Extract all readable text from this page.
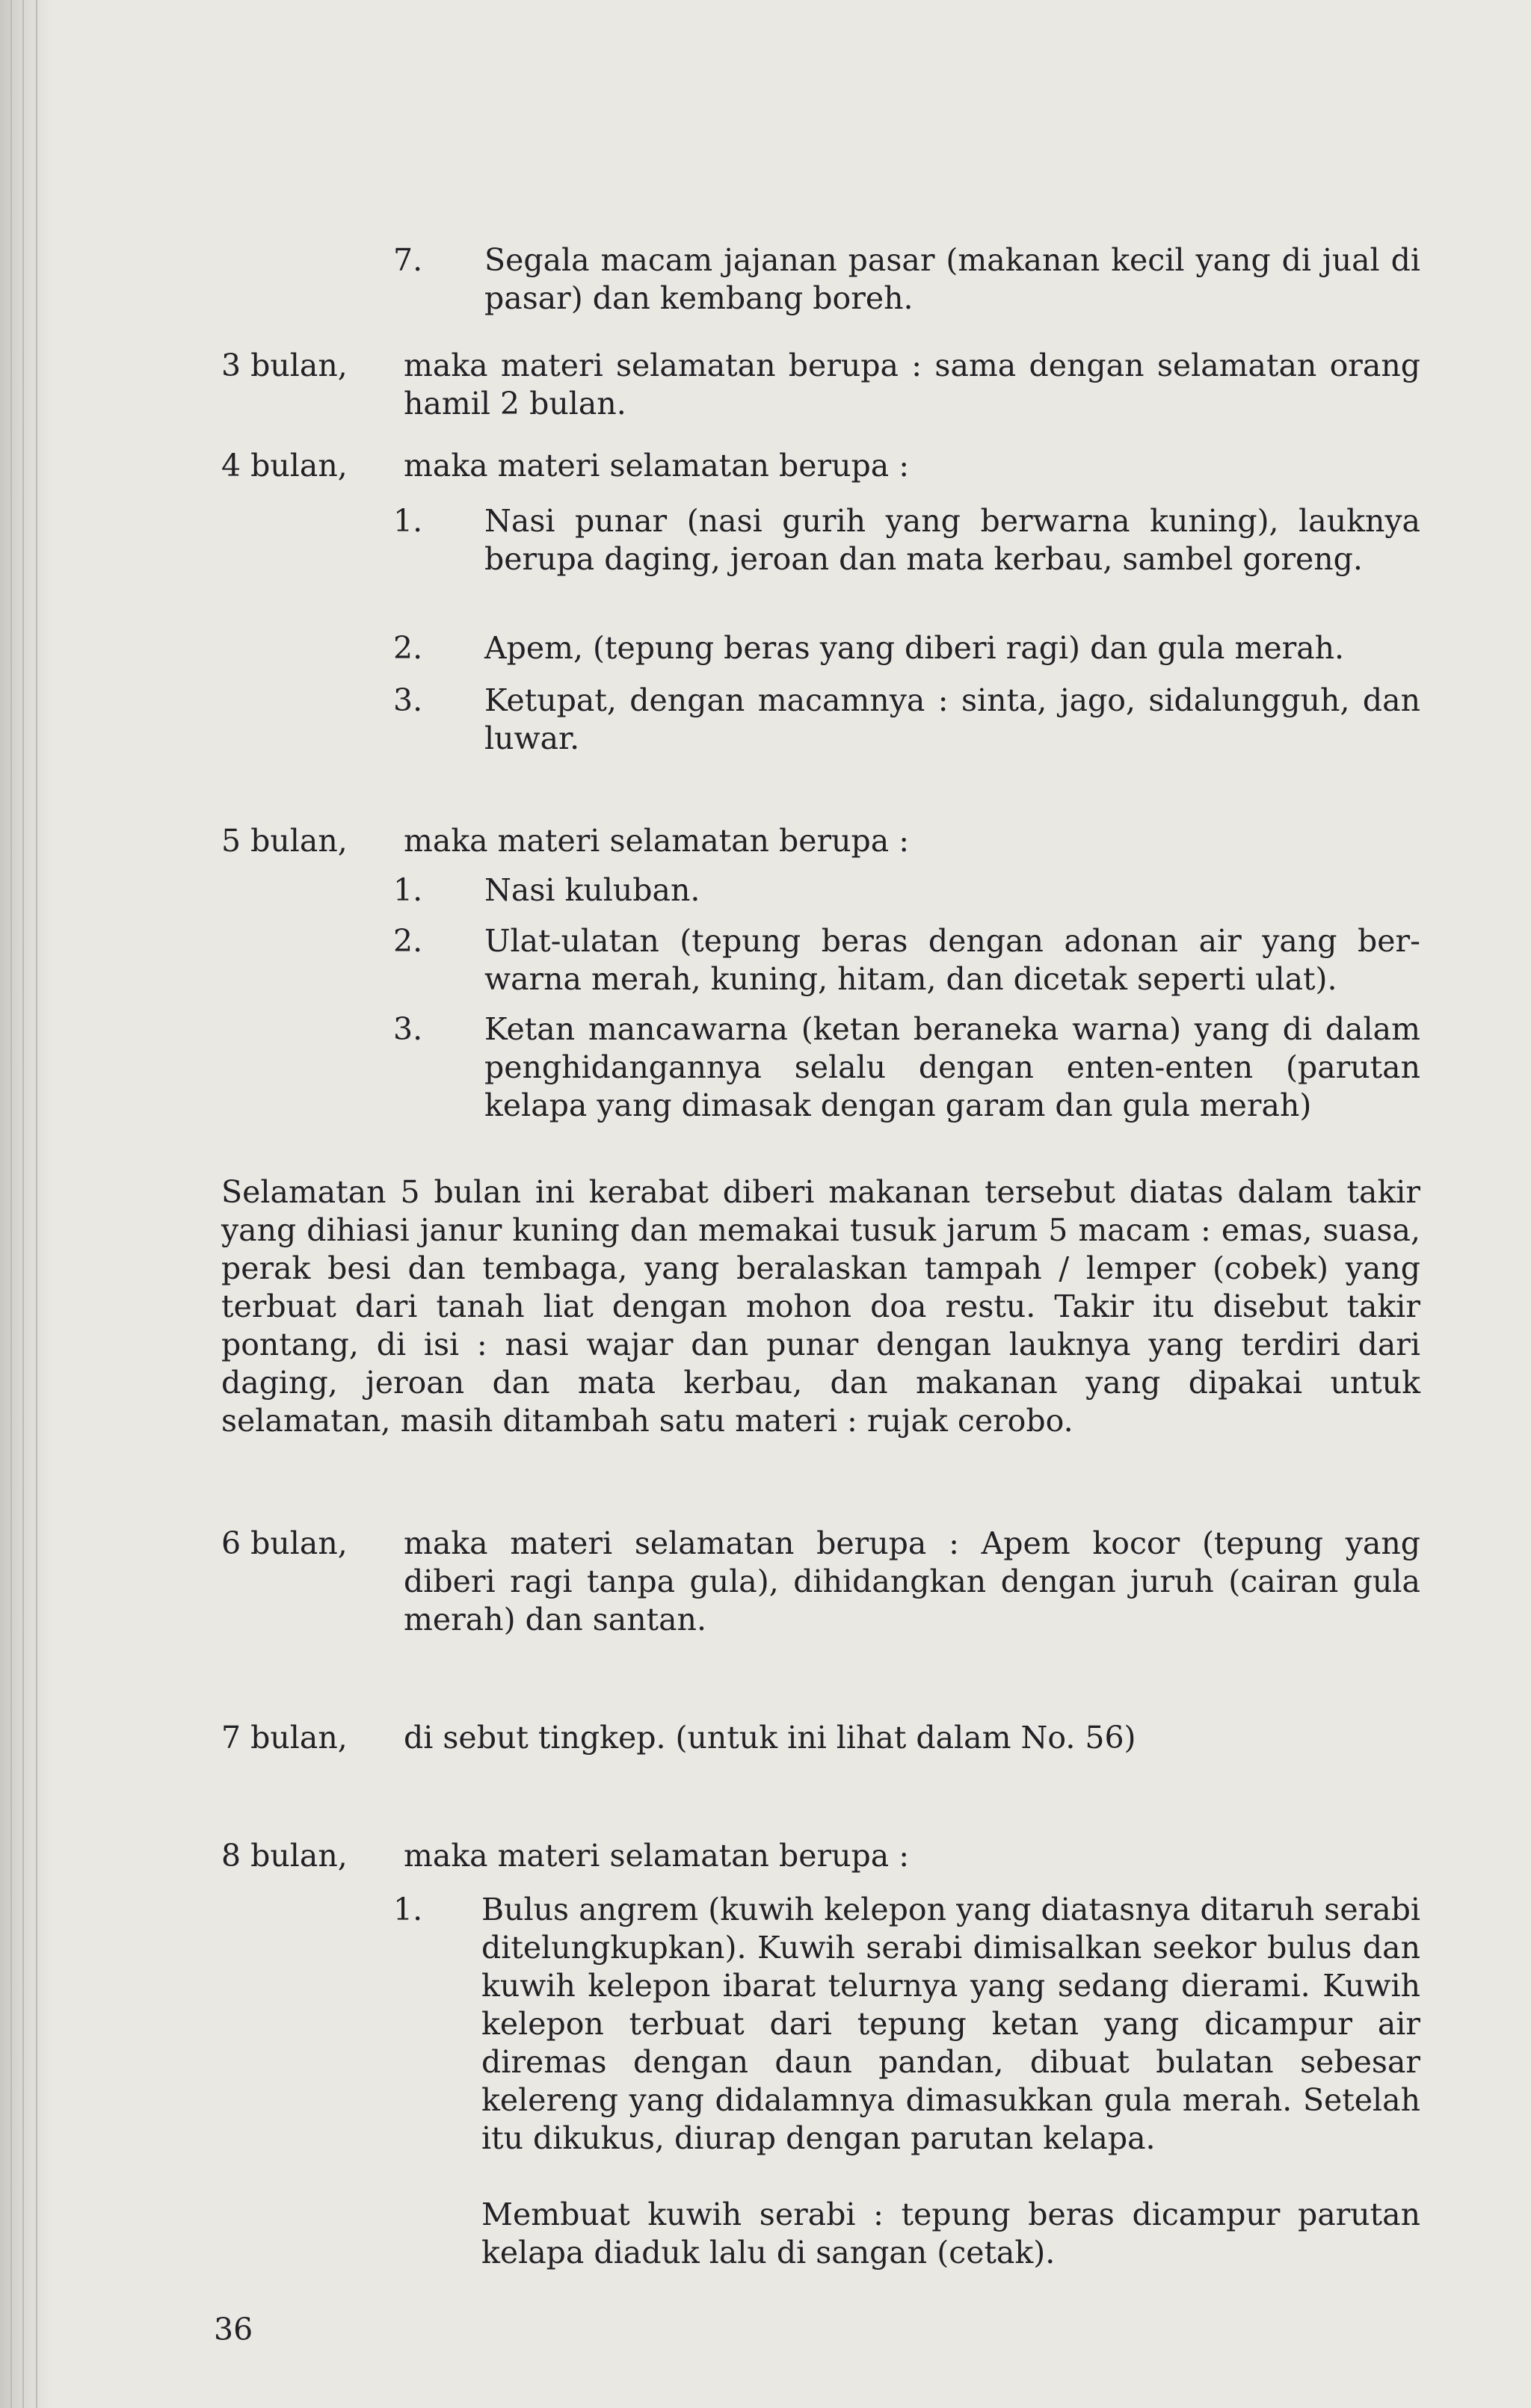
7. Segala macam jajanan pasar (makanan kecil yang di jual di pasar) dan kembang boreh.
3 bulan, maka materi selamatan berupa : sama dengan selamatan orang hamil 2 bulan.
4 bulan, maka materi selamatan berupa :
1. Nasi punar (nasi gurih yang berwarna kuning), lauknya berupa daging, jeroan dan mata kerbau, sambel goreng.
2. Apem, (tepung beras yang diberi ragi) dan gula merah.
3. Ketupat, dengan macamnya : sinta, jago, sidalungguh, dan luwar.
5 bulan, maka materi selamatan berupa :
1. Nasi kuluban.
2. Ulat-ulatan (tepung beras dengan adonan air yang ber-warna merah, kuning, hitam, dan dicetak seperti ulat).
3. Ketan mancawarna (ketan beraneka warna) yang di dalam penghidangannya selalu dengan enten-enten (parutan kelapa yang dimasak dengan garam dan gula merah)
Selamatan 5 bulan ini kerabat diberi makanan tersebut diatas dalam takir yang dihiasi janur kuning dan memakai tusuk jarum 5 macam : emas, suasa, perak besi dan tembaga, yang beralaskan tampah / lemper (cobek) yang terbuat dari tanah liat dengan mohon doa restu. Takir itu disebut takir pontang, di isi : nasi wajar dan punar dengan lauknya yang terdiri dari daging, jeroan dan mata kerbau, dan makanan yang dipakai untuk selamatan, masih ditambah satu materi : rujak cerobo.
6 bulan, maka materi selamatan berupa : Apem kocor (tepung yang diberi ragi tanpa gula), dihidangkan dengan juruh (cairan gula merah) dan santan.
7 bulan, di sebut tingkep. (untuk ini lihat dalam No. 56)
8 bulan, maka materi selamatan berupa :
1. Bulus angrem (kuwih kelepon yang diatasnya ditaruh serabi ditelungkupkan). Kuwih serabi dimisalkan seekor bulus dan kuwih kelepon ibarat telurnya yang sedang dierami. Kuwih kelepon terbuat dari tepung ketan yang dicampur air diremas dengan daun pandan, dibuat bulatan sebesar kelereng yang didalamnya dimasukkan gula merah. Setelah itu dikukus, diurap dengan parutan kelapa.
Membuat kuwih serabi : tepung beras dicampur parutan kelapa diaduk lalu di sangan (cetak).
36
